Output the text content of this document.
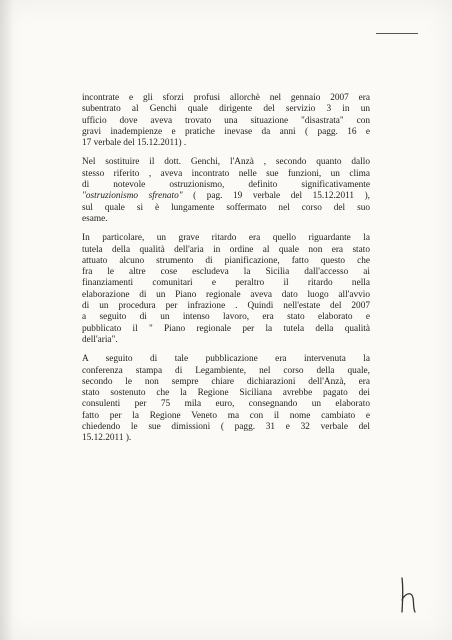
incontrate e gli sforzi profusi allorchè nel gennaio 2007 era
subentrato al Genchi quale dirigente del servizio 3 in un
ufficio dove aveva trovato una situazione "disastrata" con
gravi inadempienze e pratiche inevase da anni ( pagg. 16 e
17 verbale del 15.12.2011) .
Nel sostituire il dott. Genchi, l'Anzà , secondo quanto dallo
stesso riferito , aveva incontrato nelle sue funzioni, un clima
di notevole ostruzionismo, definito significativamente
"ostruzionismo sfrenato" ( pag. 19 verbale del 15.12.2011 ),
sul quale si è lungamente soffermato nel corso del suo
esame.
In particolare, un grave ritardo era quello riguardante la
tutela della qualità dell'aria in ordine al quale non era stato
attuato alcuno strumento di pianificazione, fatto questo che
fra le altre cose escludeva la Sicilia dall'accesso ai
finanziamenti comunitari e peraltro il ritardo nella
elaborazione di un Piano regionale aveva dato luogo all'avvio
di un procedura per infrazione . Quindi nell'estate del 2007
a seguito di un intenso lavoro, era stato elaborato e
pubblicato il " Piano regionale per la tutela della qualità
dell'aria".
A seguito di tale pubblicazione era intervenuta la
conferenza stampa di Legambiente, nel corso della quale,
secondo le non sempre chiare dichiarazioni dell'Anzà, era
stato sostenuto che la Regione Siciliana avrebbe pagato dei
consulenti per 75 mila euro, consegnando un elaborato
fatto per la Regione Veneto ma con il nome cambiato e
chiedendo le sue dimissioni ( pagg. 31 e 32 verbale del
15.12.2011 ).
